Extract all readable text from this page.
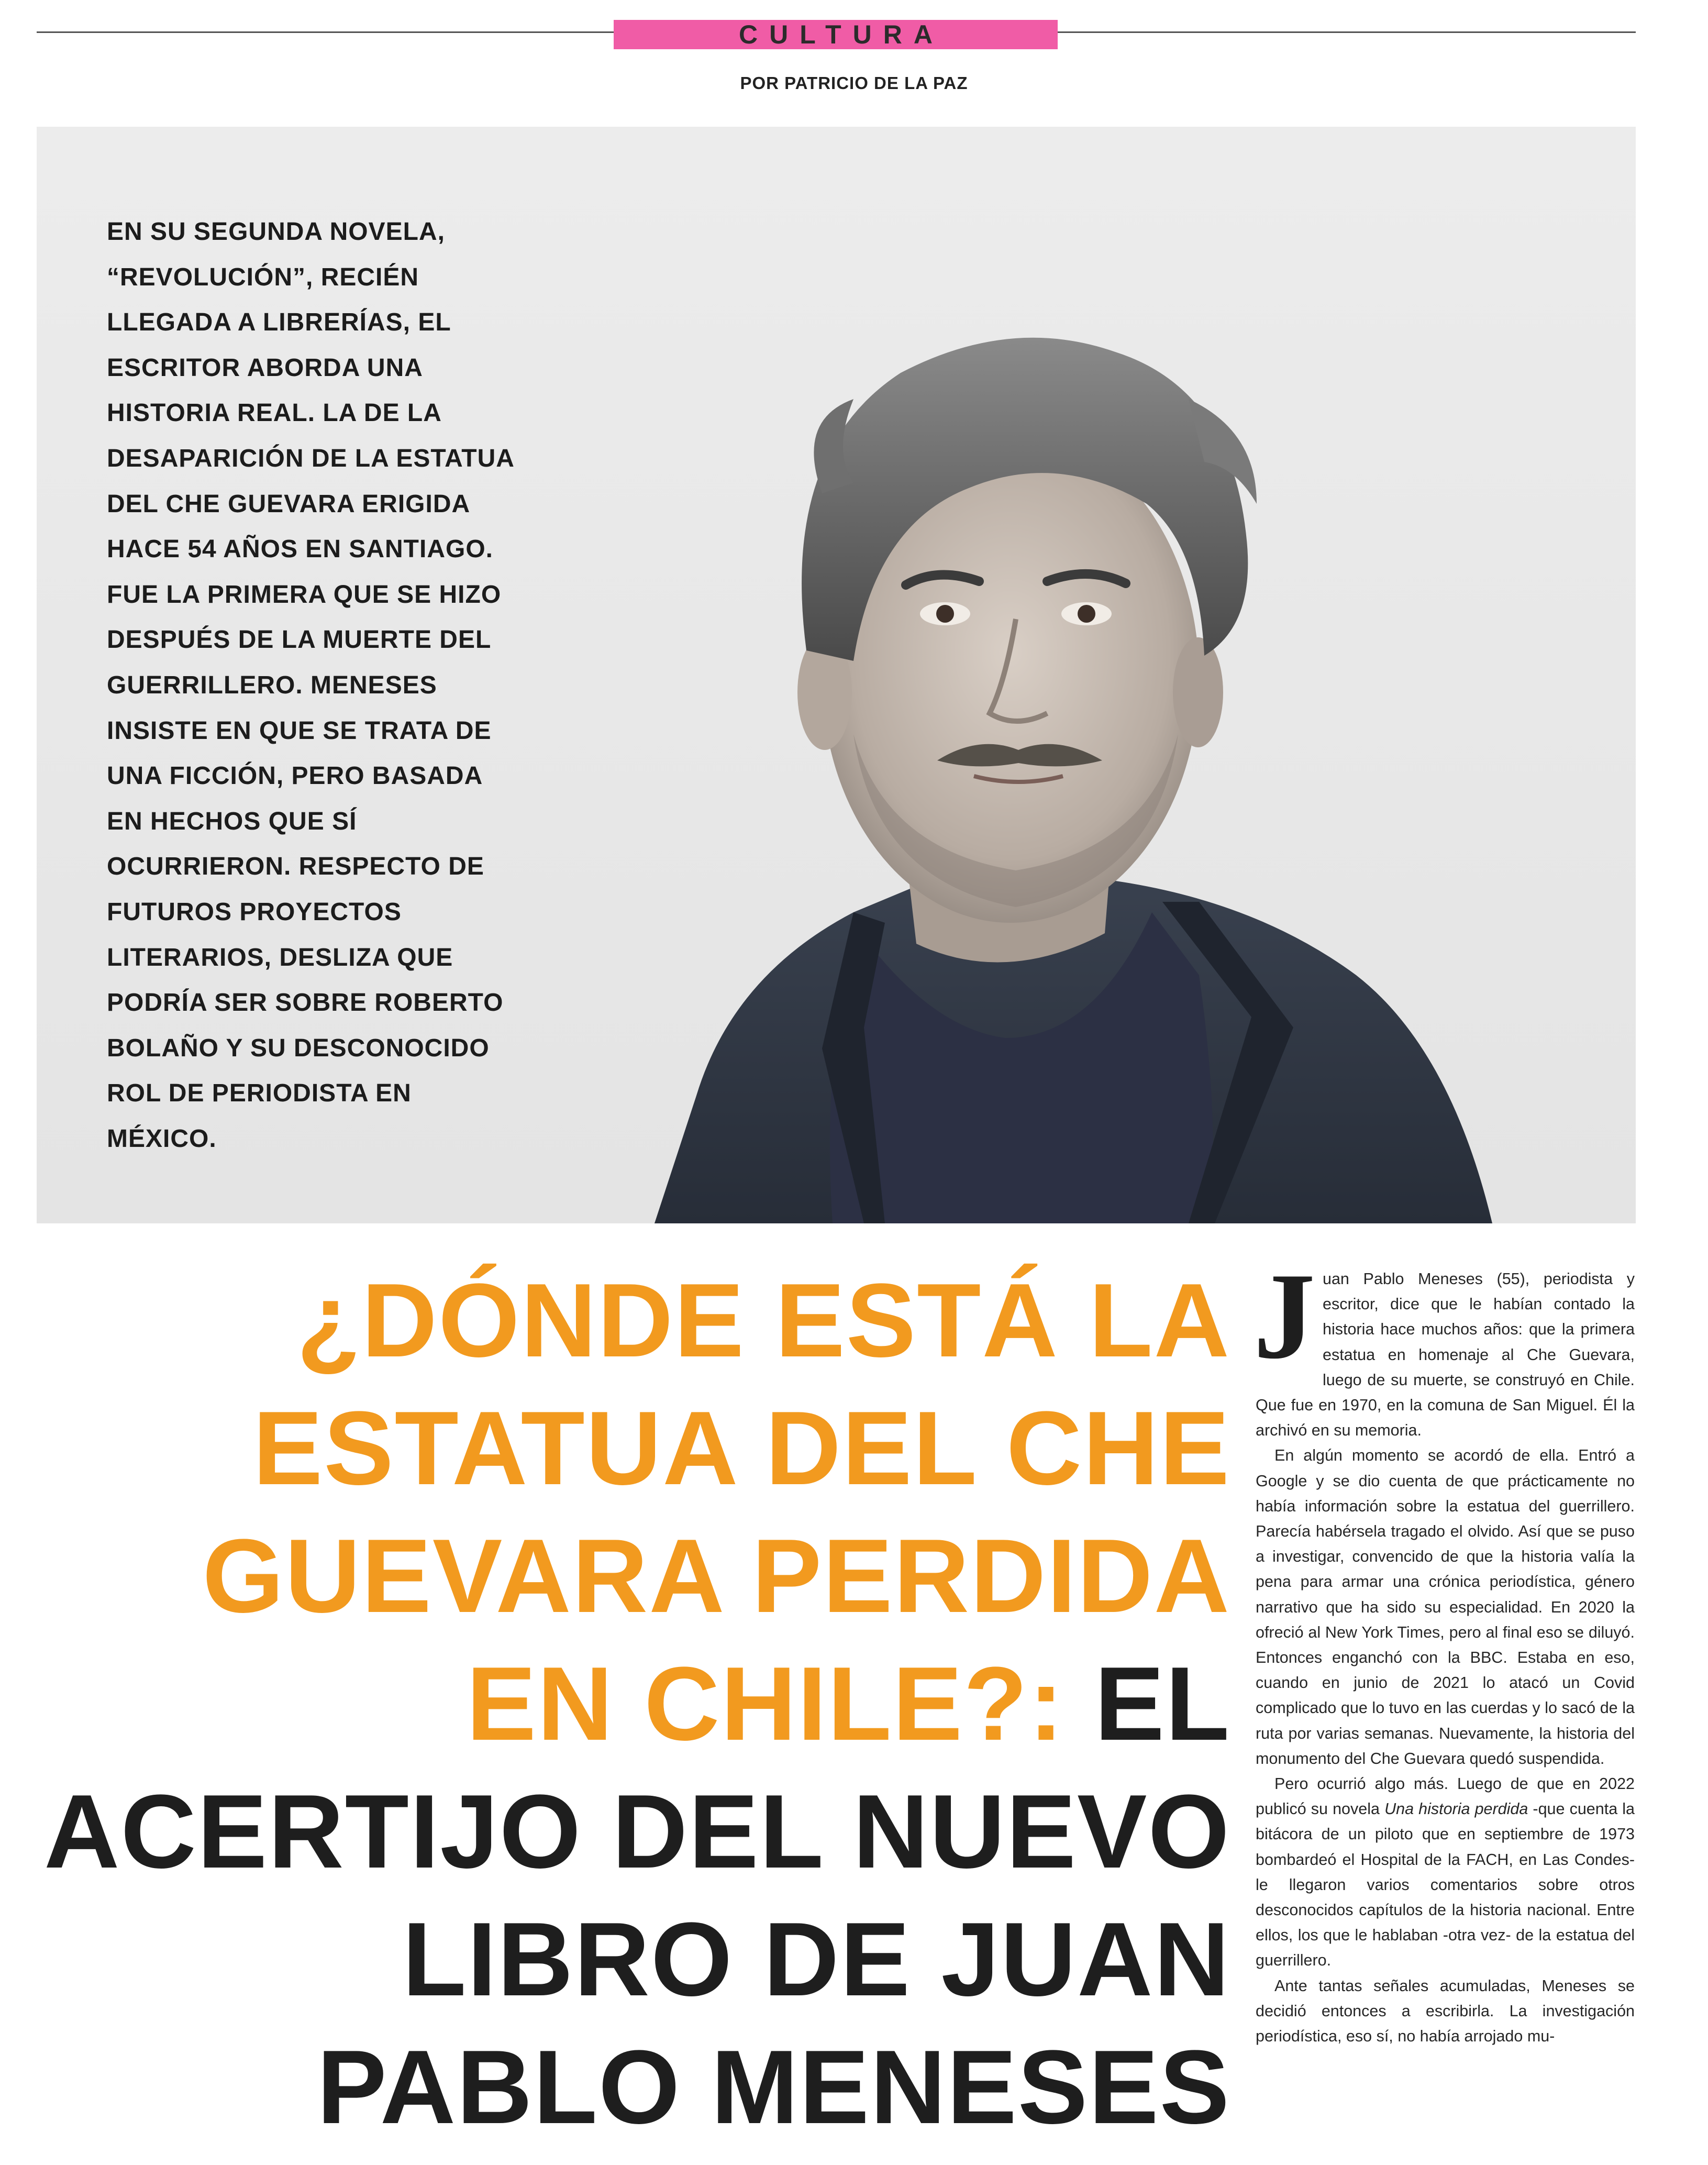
CULTURA
POR PATRICIO DE LA PAZ
EN SU SEGUNDA NOVELA, “REVOLUCIÓN”, RECIÉN LLEGADA A LIBRERÍAS, EL ESCRITOR ABORDA UNA HISTORIA REAL. LA DE LA DESAPARICIÓN DE LA ESTATUA DEL CHE GUEVARA ERIGIDA HACE 54 AÑOS EN SANTIAGO. FUE LA PRIMERA QUE SE HIZO DESPUÉS DE LA MUERTE DEL GUERRILLERO. MENESES INSISTE EN QUE SE TRATA DE UNA FICCIÓN, PERO BASADA EN HECHOS QUE SÍ OCURRIERON. RESPECTO DE FUTUROS PROYECTOS LITERARIOS, DESLIZA QUE PODRÍA SER SOBRE ROBERTO BOLAÑO Y SU DESCONOCIDO ROL DE PERIODISTA EN MÉXICO.
¿DÓNDE ESTÁ LA ESTATUA DEL CHE GUEVARA PERDIDA EN CHILE?: EL ACERTIJO DEL NUEVO LIBRO DE JUAN PABLO MENESES

Juan Pablo Meneses (55), periodista y escritor, dice que le habían contado la historia hace muchos años: que la primera estatua en homenaje al Che Guevara, luego de su muerte, se construyó en Chile. Que fue en 1970, en la comuna de San Miguel. Él la archivó en su memoria.

En algún momento se acordó de ella. Entró a Google y se dio cuenta de que prácticamente no había información sobre la estatua del guerrillero. Parecía habérsela tragado el olvido. Así que se puso a investigar, convencido de que la historia valía la pena para armar una crónica periodística, género narrativo que ha sido su especialidad. En 2020 la ofreció al New York Times, pero al final eso se diluyó. Entonces enganchó con la BBC. Estaba en eso, cuando en junio de 2021 lo atacó un Covid complicado que lo tuvo en las cuerdas y lo sacó de la ruta por varias semanas. Nuevamente, la historia del monumento del Che Guevara quedó suspendida.

Pero ocurrió algo más. Luego de que en 2022 publicó su novela Una historia perdida -que cuenta la bitácora de un piloto que en septiembre de 1973 bombardeó el Hospital de la FACH, en Las Condes- le llegaron varios comentarios sobre otros desconocidos capítulos de la historia nacional. Entre ellos, los que le hablaban -otra vez- de la estatua del guerrillero.

Ante tantas señales acumuladas, Meneses se decidió entonces a escribirla. La investigación periodística, eso sí, no había arrojado mu-
